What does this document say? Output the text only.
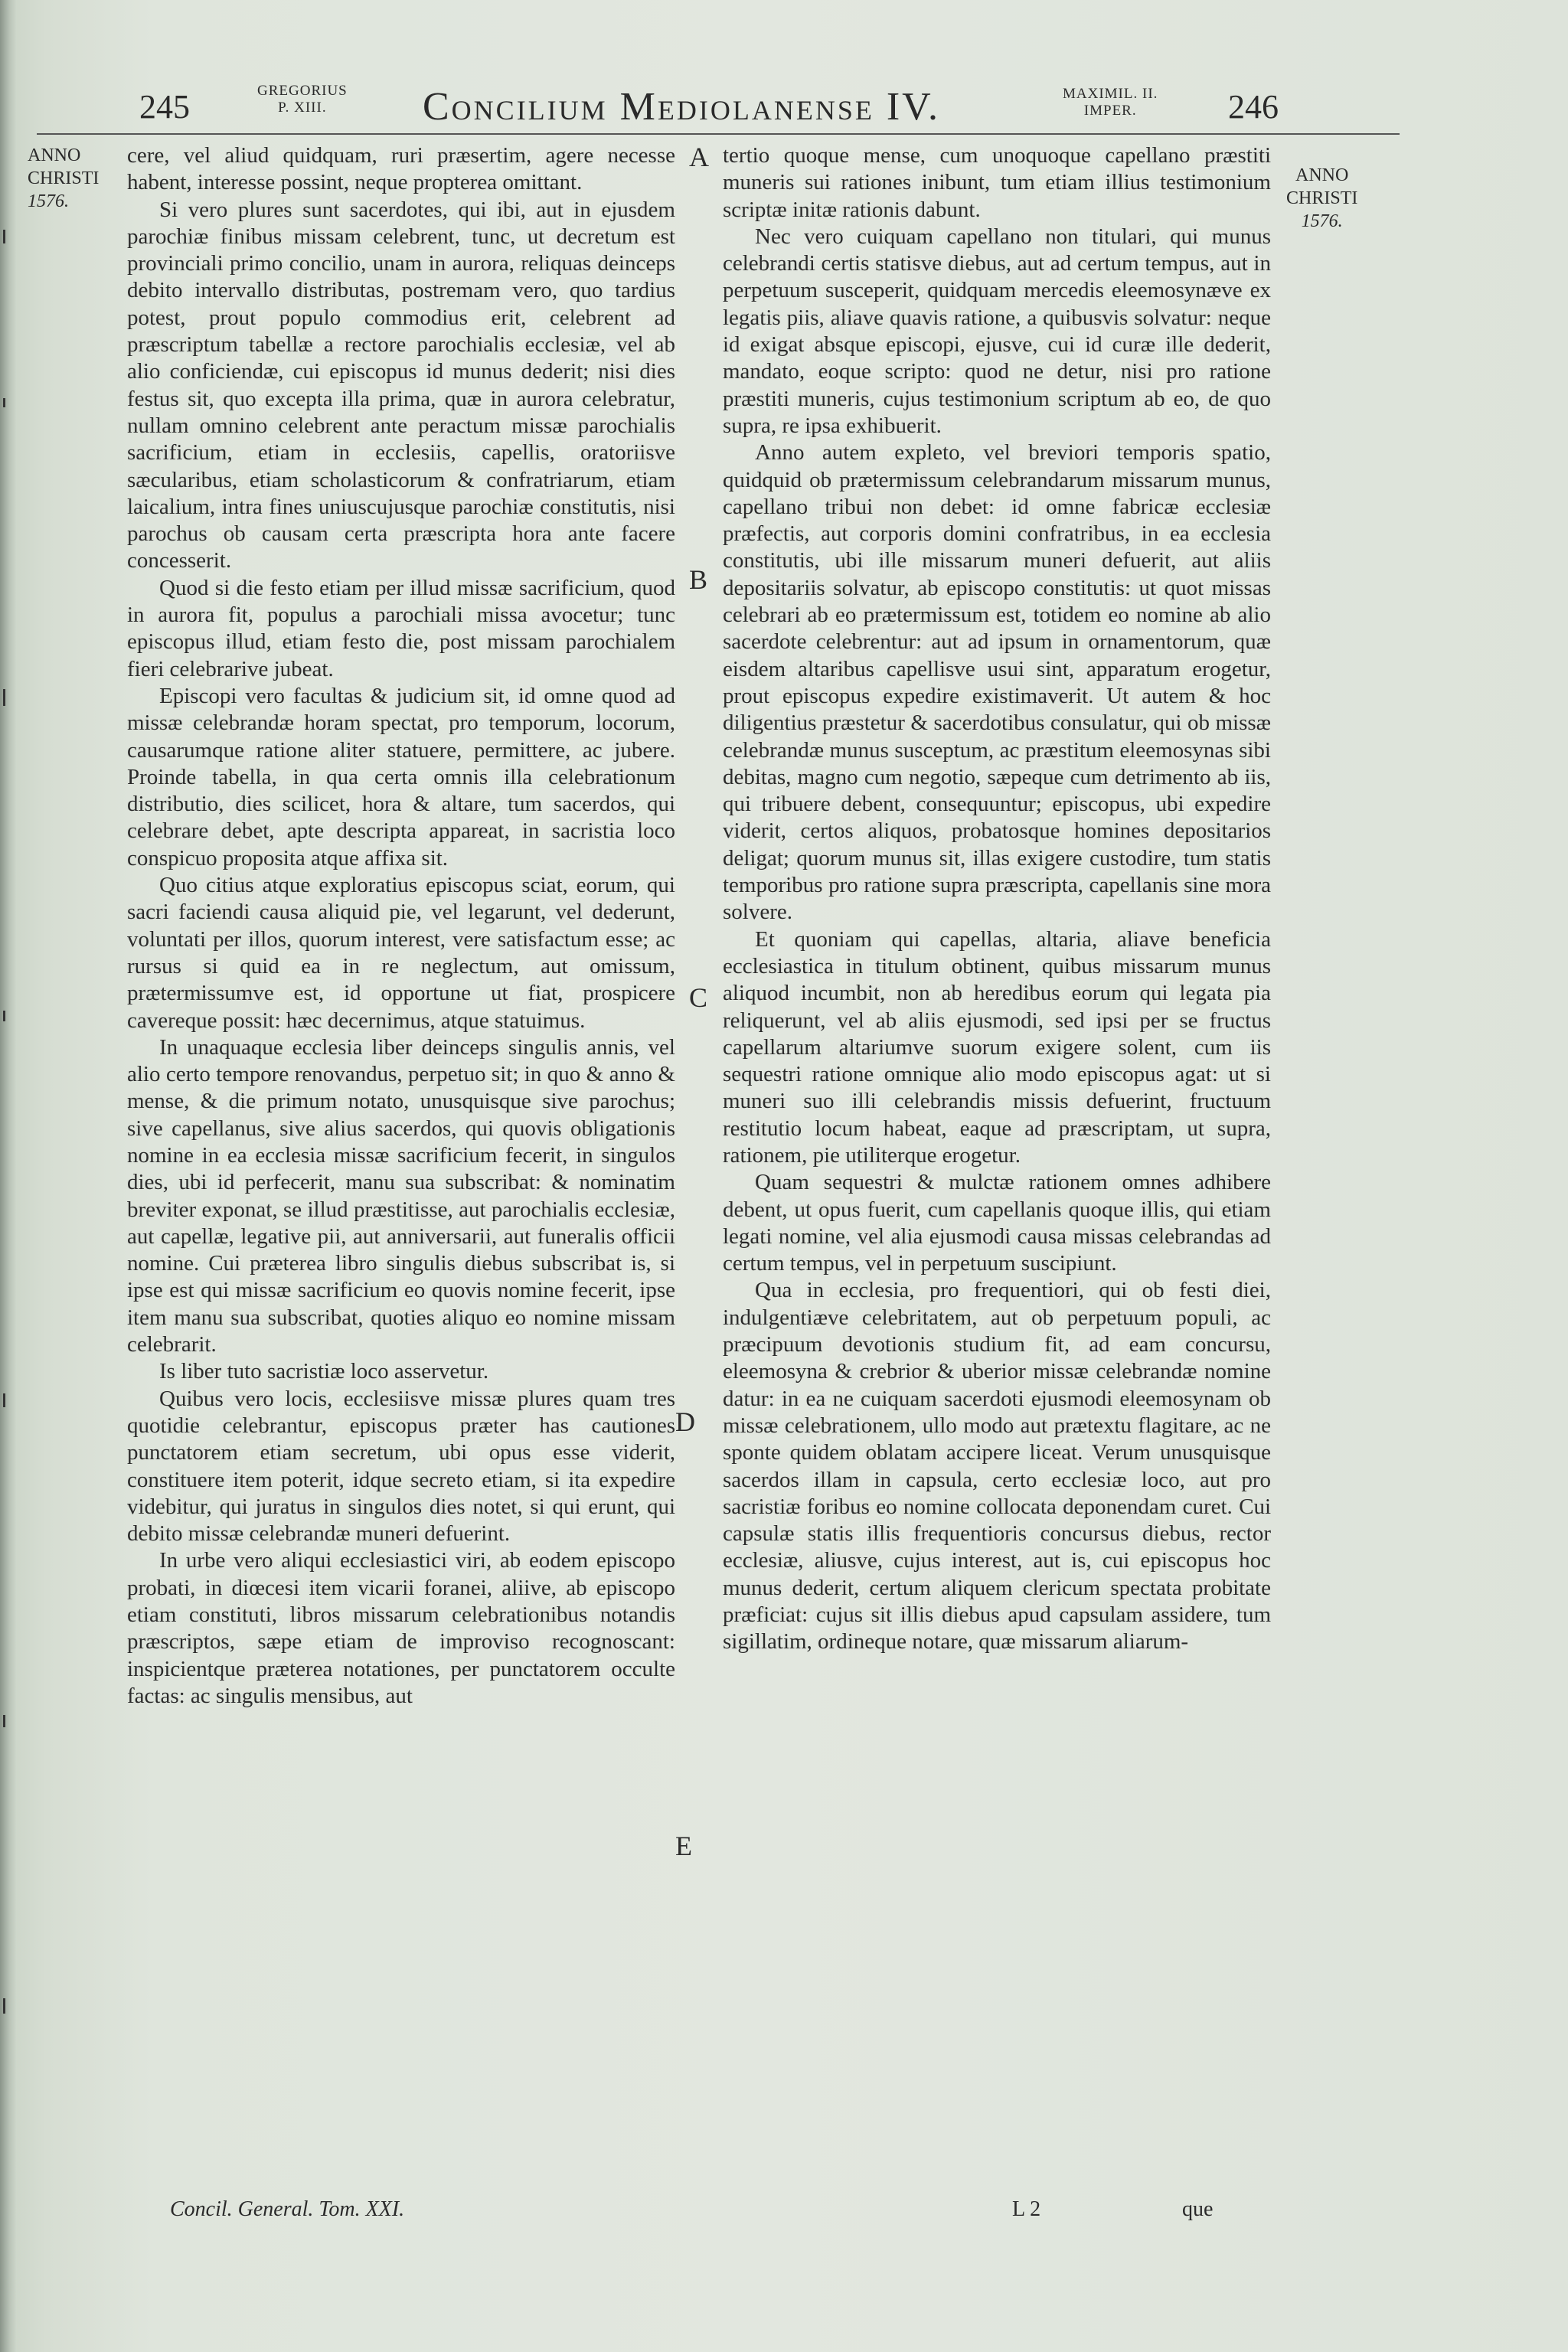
245	GREGORIUS
P. XIII.	Concilium Mediolanense IV.	MAXIMIL. II.
IMPER.	246
ANNO
CHRISTI
1576.
ANNO
CHRISTI
1576.
A
B
C
D
E

cere, vel aliud quidquam, ruri præsertim, agere necesse habent, interesse possint, neque propterea omittant.

Si vero plures sunt sacerdotes, qui ibi, aut in ejusdem parochiæ finibus missam celebrent, tunc, ut decretum est provinciali primo concilio, unam in aurora, reliquas deinceps debito intervallo distributas, postremam vero, quo tardius potest, prout populo commodius erit, celebrent ad præscriptum tabellæ a rectore parochialis ecclesiæ, vel ab alio conficiendæ, cui episcopus id munus dederit; nisi dies festus sit, quo excepta illa prima, quæ in aurora celebratur, nullam omnino celebrent ante peractum missæ parochialis sacrificium, etiam in ecclesiis, capellis, oratoriisve sæcularibus, etiam scholasticorum & confratriarum, etiam laicalium, intra fines uniuscujusque parochiæ constitutis, nisi parochus ob causam certa præscripta hora ante facere concesserit.

Quod si die festo etiam per illud missæ sacrificium, quod in aurora fit, populus a parochiali missa avocetur; tunc episcopus illud, etiam festo die, post missam parochialem fieri celebrarive jubeat.

Episcopi vero facultas & judicium sit, id omne quod ad missæ celebrandæ horam spectat, pro temporum, locorum, causarumque ratione aliter statuere, permittere, ac jubere. Proinde tabella, in qua certa omnis illa celebrationum distributio, dies scilicet, hora & altare, tum sacerdos, qui celebrare debet, apte descripta appareat, in sacristia loco conspicuo proposita atque affixa sit.

Quo citius atque exploratius episcopus sciat, eorum, qui sacri faciendi causa aliquid pie, vel legarunt, vel dederunt, voluntati per illos, quorum interest, vere satisfactum esse; ac rursus si quid ea in re neglectum, aut omissum, prætermissumve est, id opportune ut fiat, prospicere cavereque possit: hæc decernimus, atque statuimus.

In unaquaque ecclesia liber deinceps singulis annis, vel alio certo tempore renovandus, perpetuo sit; in quo & anno & mense, & die primum notato, unusquisque sive parochus; sive capellanus, sive alius sacerdos, qui quovis obligationis nomine in ea ecclesia missæ sacrificium fecerit, in singulos dies, ubi id perfecerit, manu sua subscribat: & nominatim breviter exponat, se illud præstitisse, aut parochialis ecclesiæ, aut capellæ, legative pii, aut anniversarii, aut funeralis officii nomine. Cui præterea libro singulis diebus subscribat is, si ipse est qui missæ sacrificium eo quovis nomine fecerit, ipse item manu sua subscribat, quoties aliquo eo nomine missam celebrarit.

Is liber tuto sacristiæ loco asservetur.

Quibus vero locis, ecclesiisve missæ plures quam tres quotidie celebrantur, episcopus præter has cautiones punctatorem etiam secretum, ubi opus esse viderit, constituere item poterit, idque secreto etiam, si ita expedire videbitur, qui juratus in singulos dies notet, si qui erunt, qui debito missæ celebrandæ muneri defuerint.

In urbe vero aliqui ecclesiastici viri, ab eodem episcopo probati, in diœcesi item vicarii foranei, aliive, ab episcopo etiam constituti, libros missarum celebrationibus notandis præscriptos, sæpe etiam de improviso recognoscant: inspicientque præterea notationes, per punctatorem occulte factas: ac singulis mensibus, aut

tertio quoque mense, cum unoquoque capellano præstiti muneris sui rationes inibunt, tum etiam illius testimonium scriptæ initæ rationis dabunt.

Nec vero cuiquam capellano non titulari, qui munus celebrandi certis statisve diebus, aut ad certum tempus, aut in perpetuum susceperit, quidquam mercedis eleemosynæve ex legatis piis, aliave quavis ratione, a quibusvis solvatur: neque id exigat absque episcopi, ejusve, cui id curæ ille dederit, mandato, eoque scripto: quod ne detur, nisi pro ratione præstiti muneris, cujus testimonium scriptum ab eo, de quo supra, re ipsa exhibuerit.

Anno autem expleto, vel breviori temporis spatio, quidquid ob prætermissum celebrandarum missarum munus, capellano tribui non debet: id omne fabricæ ecclesiæ præfectis, aut corporis domini confratribus, in ea ecclesia constitutis, ubi ille missarum muneri defuerit, aut aliis depositariis solvatur, ab episcopo constitutis: ut quot missas celebrari ab eo prætermissum est, totidem eo nomine ab alio sacerdote celebrentur: aut ad ipsum in ornamentorum, quæ eisdem altaribus capellisve usui sint, apparatum erogetur, prout episcopus expedire existimaverit. Ut autem & hoc diligentius præstetur & sacerdotibus consulatur, qui ob missæ celebrandæ munus susceptum, ac præstitum eleemosynas sibi debitas, magno cum negotio, sæpeque cum detrimento ab iis, qui tribuere debent, consequuntur; episcopus, ubi expedire viderit, certos aliquos, probatosque homines depositarios deligat; quorum munus sit, illas exigere custodire, tum statis temporibus pro ratione supra præscripta, capellanis sine mora solvere.

Et quoniam qui capellas, altaria, aliave beneficia ecclesiastica in titulum obtinent, quibus missarum munus aliquod incumbit, non ab heredibus eorum qui legata pia reliquerunt, vel ab aliis ejusmodi, sed ipsi per se fructus capellarum altariumve suorum exigere solent, cum iis sequestri ratione omnique alio modo episcopus agat: ut si muneri suo illi celebrandis missis defuerint, fructuum restitutio locum habeat, eaque ad præscriptam, ut supra, rationem, pie utiliterque erogetur.

Quam sequestri & mulctæ rationem omnes adhibere debent, ut opus fuerit, cum capellanis quoque illis, qui etiam legati nomine, vel alia ejusmodi causa missas celebrandas ad certum tempus, vel in perpetuum suscipiunt.

Qua in ecclesia, pro frequentiori, qui ob festi diei, indulgentiæve celebritatem, aut ob perpetuum populi, ac præcipuum devotionis studium fit, ad eam concursu, eleemosyna & crebrior & uberior missæ celebrandæ nomine datur: in ea ne cuiquam sacerdoti ejusmodi eleemosynam ob missæ celebrationem, ullo modo aut prætextu flagitare, ac ne sponte quidem oblatam accipere liceat. Verum unusquisque sacerdos illam in capsula, certo ecclesiæ loco, aut pro sacristiæ foribus eo nomine collocata deponendam curet. Cui capsulæ statis illis frequentioris concursus diebus, rector ecclesiæ, aliusve, cujus interest, aut is, cui episcopus hoc munus dederit, certum aliquem clericum spectata probitate præficiat: cujus sit illis diebus apud capsulam assidere, tum sigillatim, ordineque notare, quæ missarum aliarum-

Concil. General. Tom. XXI.	L 2	que
